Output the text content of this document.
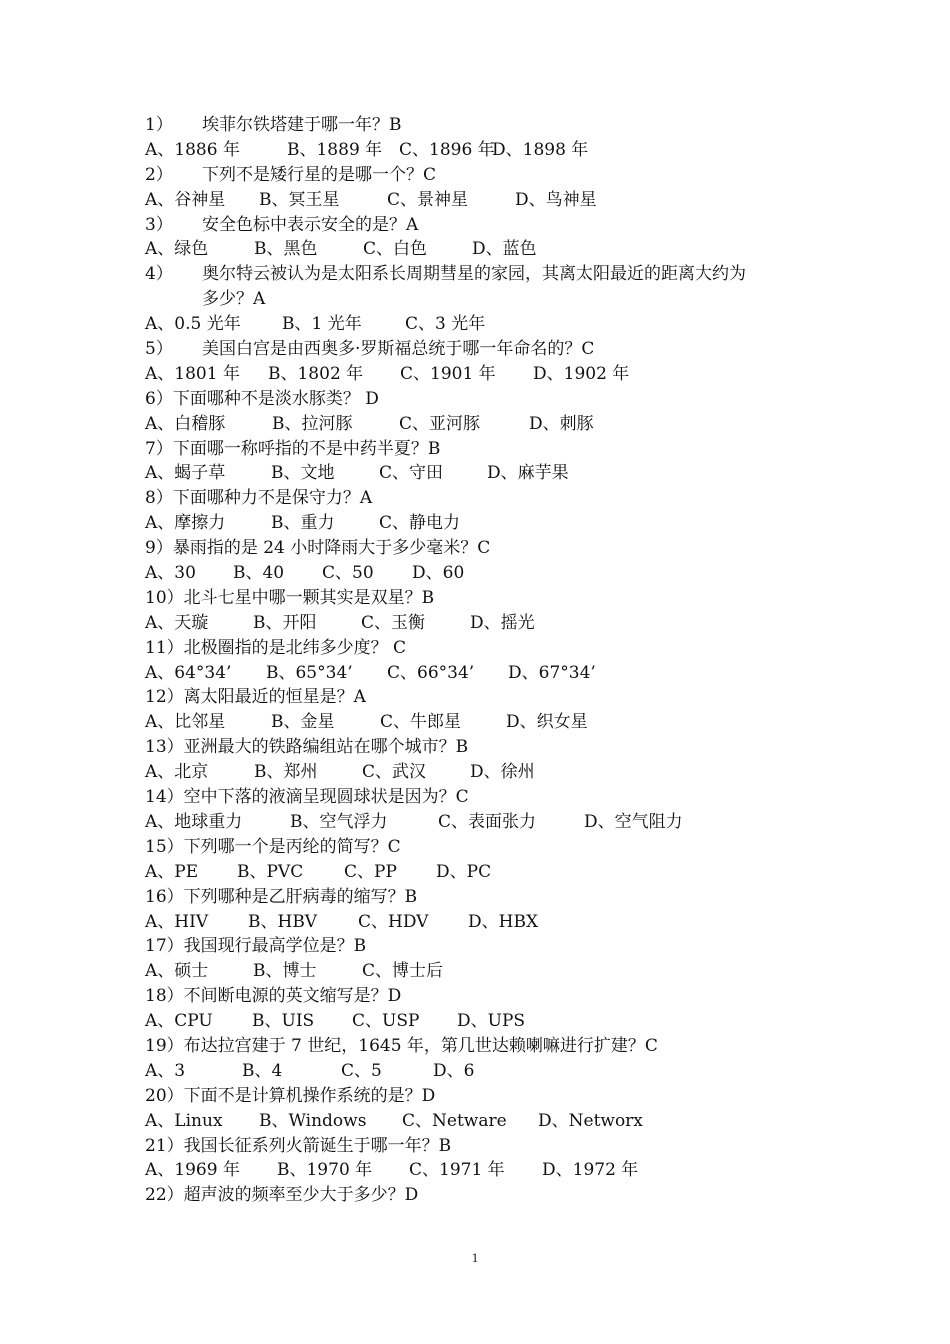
1） 埃菲尔铁塔建于哪一年？B
A、1886 年	B、1889 年 C、1896 年D、1898 年
2） 下列不是矮行星的是哪一个？C
A、谷神星 B、冥王星	C、景神星	D、鸟神星
3） 安全色标中表示安全的是？A
A、绿色	B、黑色	C、白色	D、蓝色
4） 奥尔特云被认为是太阳系长周期彗星的家园，其离太阳最近的距离大约为
多少？A
A、0.5 光年 B、1 光年	C、3 光年
5） 美国白宫是由西奥多·罗斯福总统于哪一年命名的？C
A、1801 年 B、1802 年 C、1901 年 D、1902 年
6）下面哪种不是淡水豚类？ D
A、白稽豚	B、拉河豚	C、亚河豚	D、刺豚
7）下面哪一称呼指的不是中药半夏？B
A、蝎子草	B、文地	C、守田	D、麻芋果
8）下面哪种力不是保守力？A
A、摩擦力	B、重力	C、静电力
9）暴雨指的是 24 小时降雨大于多少毫米？C
A、30 B、40 C、50 D、60
10）北斗七星中哪一颗其实是双星？B
A、天璇	B、开阳	C、玉衡	D、摇光
11）北极圈指的是北纬多少度？ C
A、64°34’ B、65°34’ C、66°34’ D、67°34’
12）离太阳最近的恒星是？A
A、比邻星	B、金星	C、牛郎星	D、织女星
13）亚洲最大的铁路编组站在哪个城市？B
A、北京	B、郑州	C、武汉	D、徐州
14）空中下落的液滴呈现圆球状是因为？C
A、地球重力	B、空气浮力	C、表面张力	D、空气阻力
15）下列哪一个是丙纶的简写？C
A、PE B、PVC C、PP D、PC
16）下列哪种是乙肝病毒的缩写？B
A、HIV B、HBV C、HDV D、HBX
17）我国现行最高学位是？B
A、硕士	B、博士	C、博士后
18）不间断电源的英文缩写是？D
A、CPU B、UIS C、USP D、UPS
19）布达拉宫建于 7 世纪，1645 年，第几世达赖喇嘛进行扩建？C
A、3	B、4	C、5	D、6
20）下面不是计算机操作系统的是？D
A、Linux B、Windows C、Netware D、Networx
21）我国长征系列火箭诞生于哪一年？B
A、1969 年 B、1970 年 C、1971 年 D、1972 年
22）超声波的频率至少大于多少？D
1
